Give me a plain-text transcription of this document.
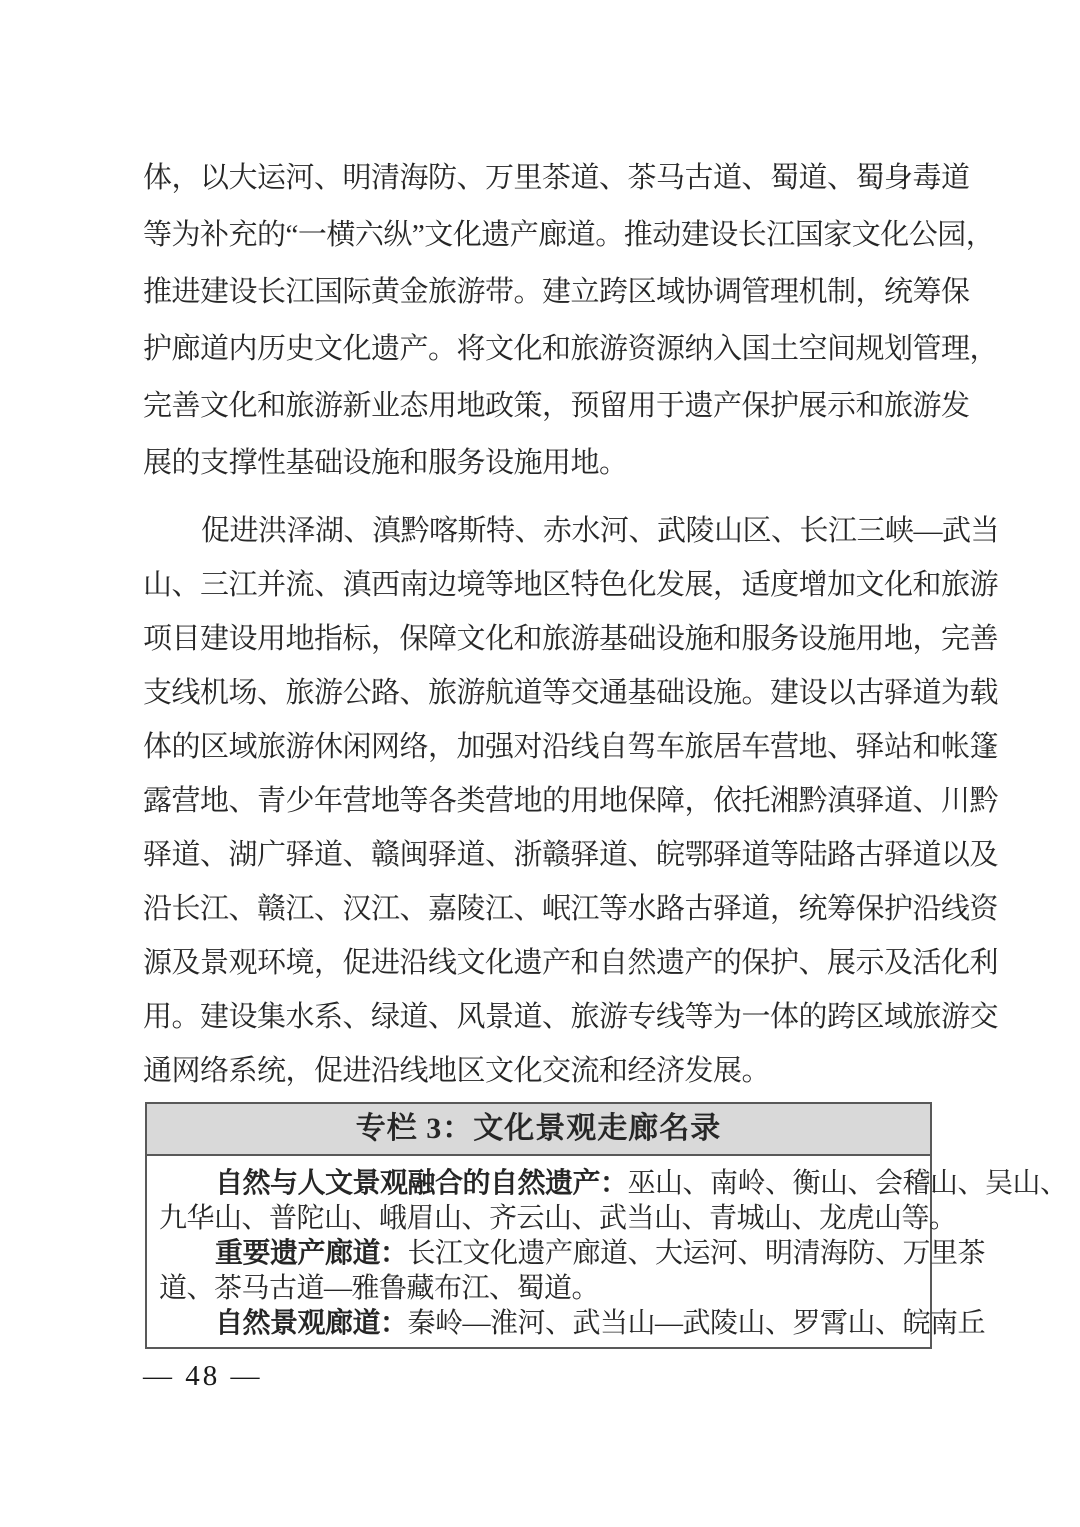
体，以大运河、明清海防、万里茶道、茶马古道、蜀道、蜀身毒道
等为补充的“一横六纵”文化遗产廊道。推动建设长江国家文化公园，
推进建设长江国际黄金旅游带。建立跨区域协调管理机制，统筹保
护廊道内历史文化遗产。将文化和旅游资源纳入国土空间规划管理，
完善文化和旅游新业态用地政策，预留用于遗产保护展示和旅游发
展的支撑性基础设施和服务设施用地。
促进洪泽湖、滇黔喀斯特、赤水河、武陵山区、长江三峡—武当
山、三江并流、滇西南边境等地区特色化发展，适度增加文化和旅游
项目建设用地指标，保障文化和旅游基础设施和服务设施用地，完善
支线机场、旅游公路、旅游航道等交通基础设施。建设以古驿道为载
体的区域旅游休闲网络，加强对沿线自驾车旅居车营地、驿站和帐篷
露营地、青少年营地等各类营地的用地保障，依托湘黔滇驿道、川黔
驿道、湖广驿道、赣闽驿道、浙赣驿道、皖鄂驿道等陆路古驿道以及
沿长江、赣江、汉江、嘉陵江、岷江等水路古驿道，统筹保护沿线资
源及景观环境，促进沿线文化遗产和自然遗产的保护、展示及活化利
用。建设集水系、绿道、风景道、旅游专线等为一体的跨区域旅游交
通网络系统，促进沿线地区文化交流和经济发展。
专栏 3：文化景观走廊名录
自然与人文景观融合的自然遗产：巫山、南岭、衡山、会稽山、吴山、
九华山、普陀山、峨眉山、齐云山、武当山、青城山、龙虎山等。
重要遗产廊道：长江文化遗产廊道、大运河、明清海防、万里茶
道、茶马古道—雅鲁藏布江、蜀道。
自然景观廊道：秦岭—淮河、武当山—武陵山、罗霄山、皖南丘
— 48 —
